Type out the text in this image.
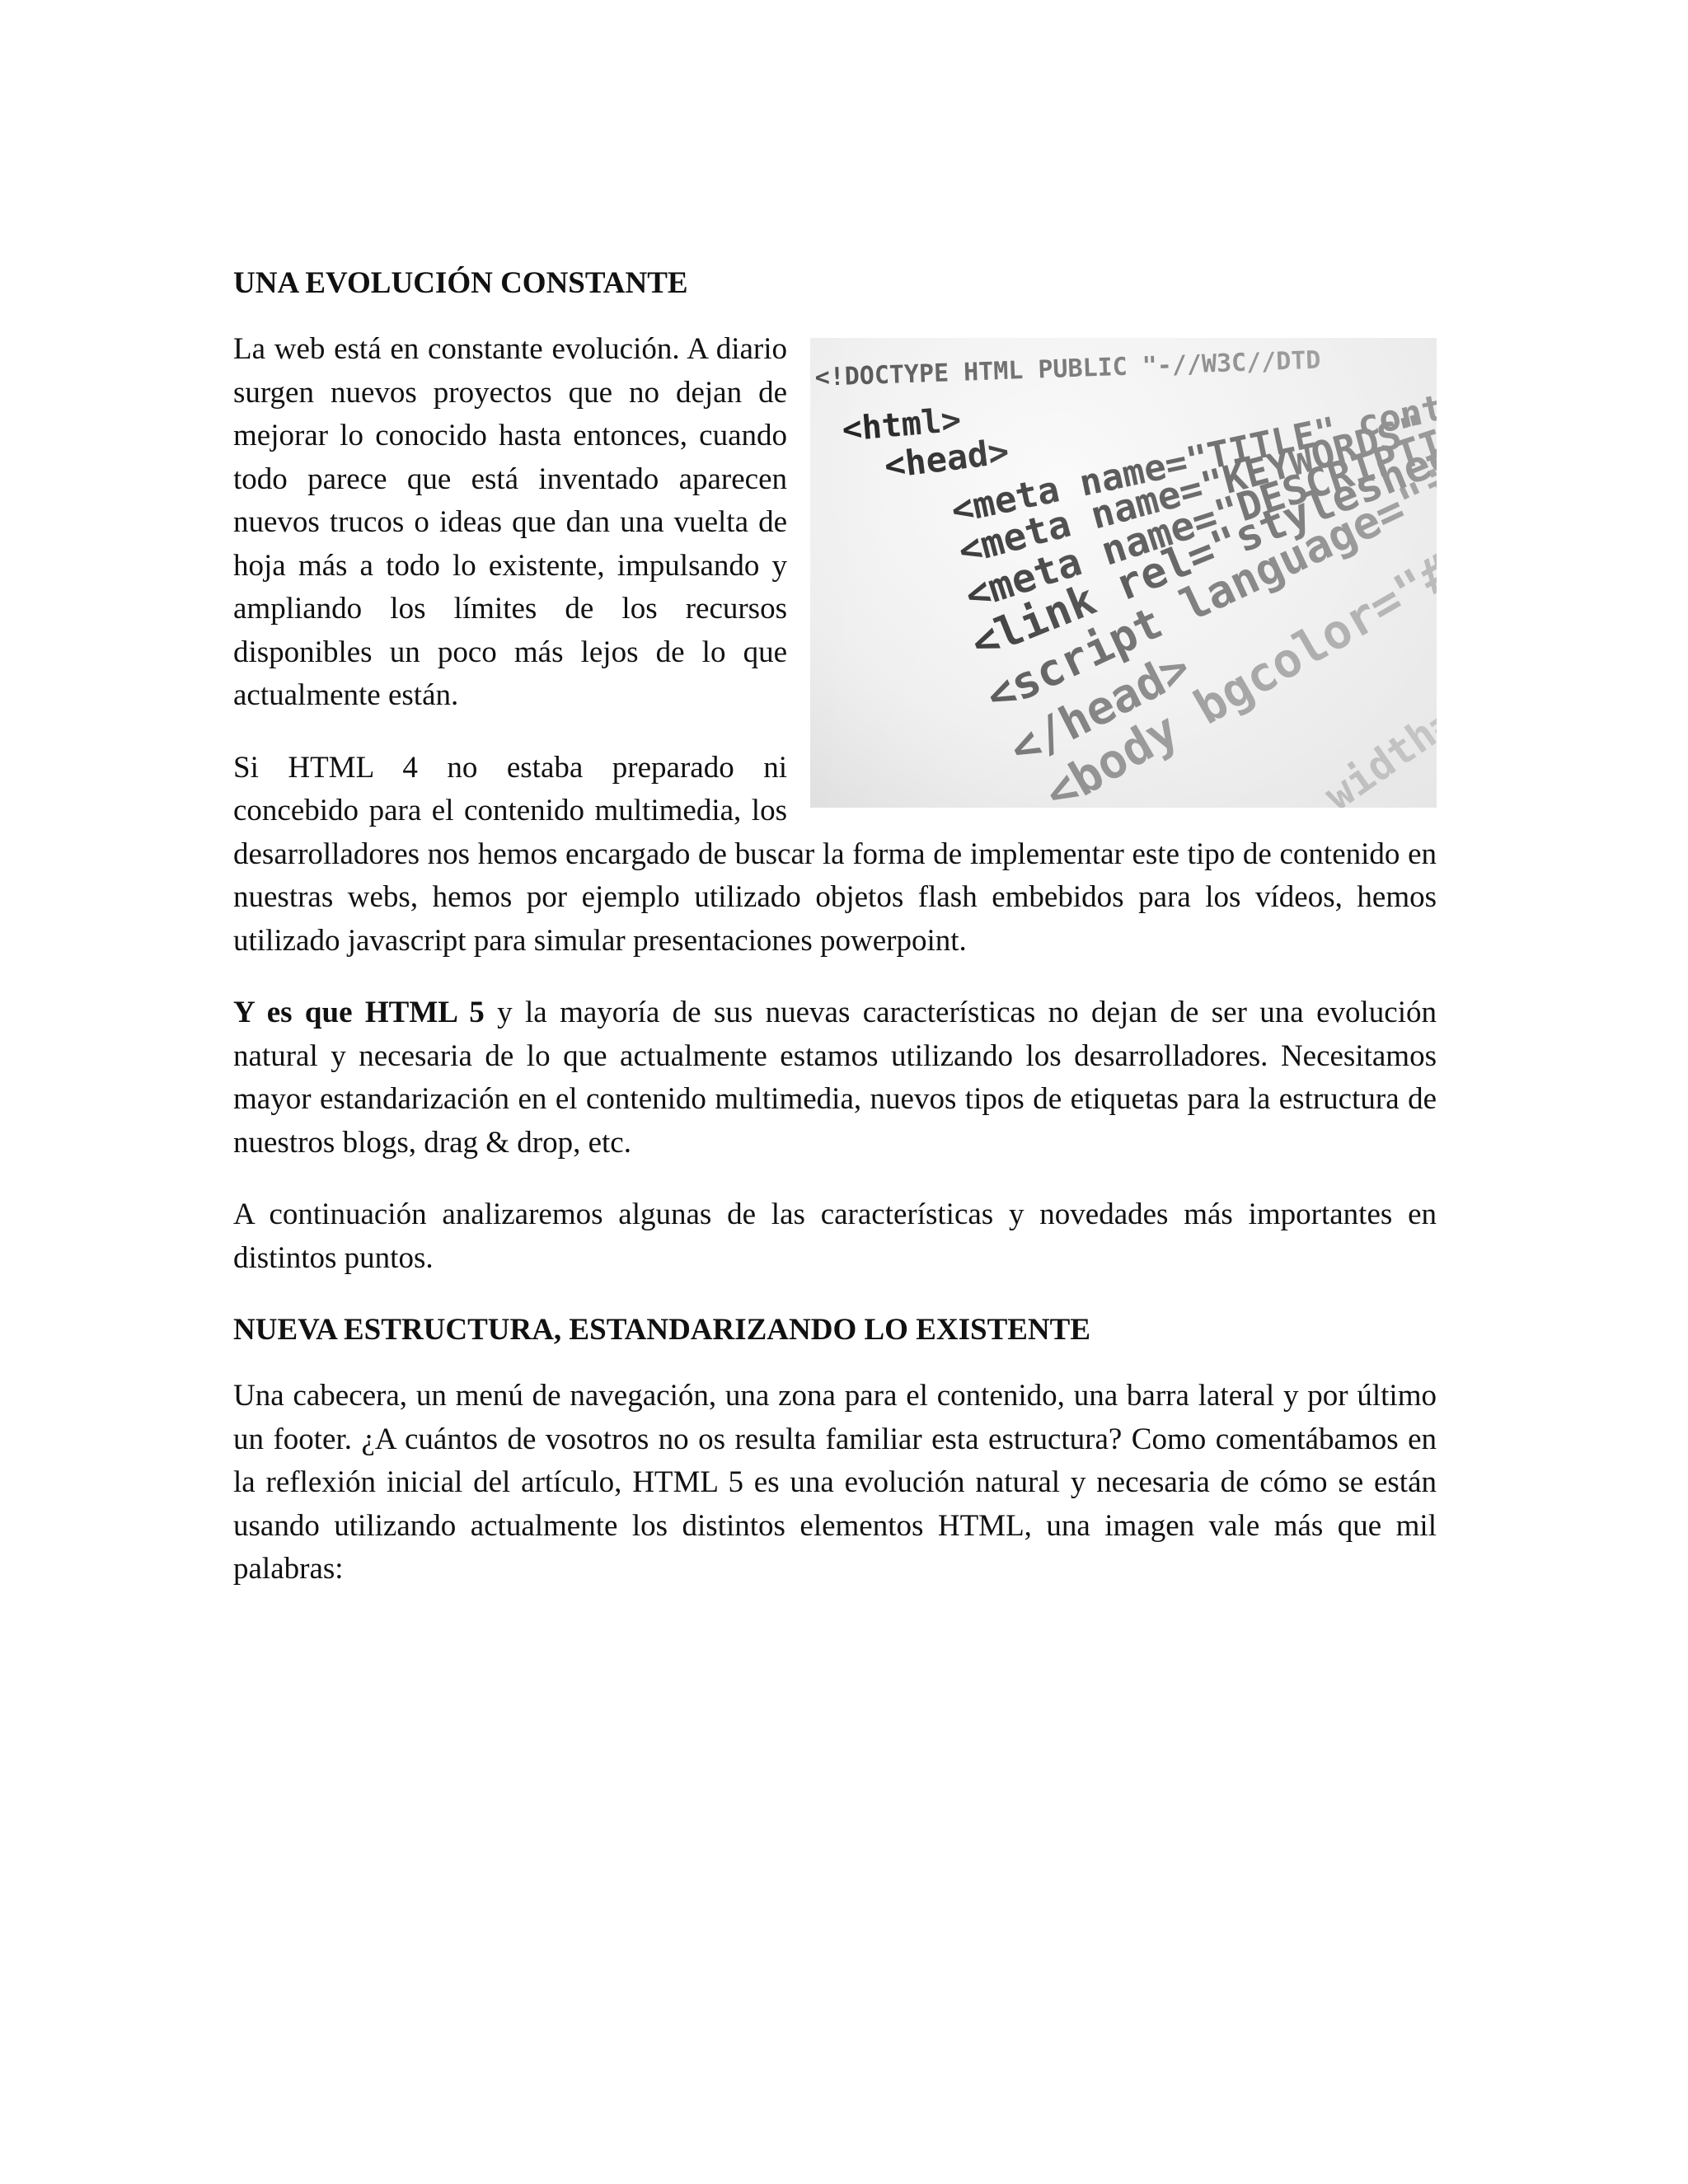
UNA EVOLUCIÓN CONSTANTE

La web está en constante evolución. A diario surgen nuevos proyectos que no dejan de mejorar lo conocido hasta entonces, cuando todo parece que está inventado aparecen nuevos trucos o ideas que dan una vuelta de hoja más a todo lo existente, impulsando y ampliando los límites de los recursos disponibles un poco más lejos de lo que actualmente están.

Si HTML 4 no estaba preparado ni concebido para el contenido multimedia, los desarrolladores nos hemos encargado de buscar la forma de implementar este tipo de contenido en nuestras webs, hemos por ejemplo utilizado objetos flash embebidos para los vídeos, hemos utilizado javascript para simular presentaciones powerpoint.

Y es que HTML 5 y la mayoría de sus nuevas características no dejan de ser una evolución natural y necesaria de lo que actualmente estamos utilizando los desarrolladores. Necesitamos mayor estandarización en el contenido multimedia, nuevos tipos de etiquetas para la estructura de nuestros blogs, drag & drop, etc.

A continuación analizaremos algunas de las características y novedades más importantes en distintos puntos.

NUEVA ESTRUCTURA, ESTANDARIZANDO LO EXISTENTE

Una cabecera, un menú de navegación, una zona para el contenido, una barra lateral y por último un footer. ¿A cuántos de vosotros no os resulta familiar esta estructura? Como comentábamos en la reflexión inicial del artículo, HTML 5 es una evolución natural y necesaria de cómo se están usando utilizando actualmente los distintos elementos HTML, una imagen vale más que mil palabras:
